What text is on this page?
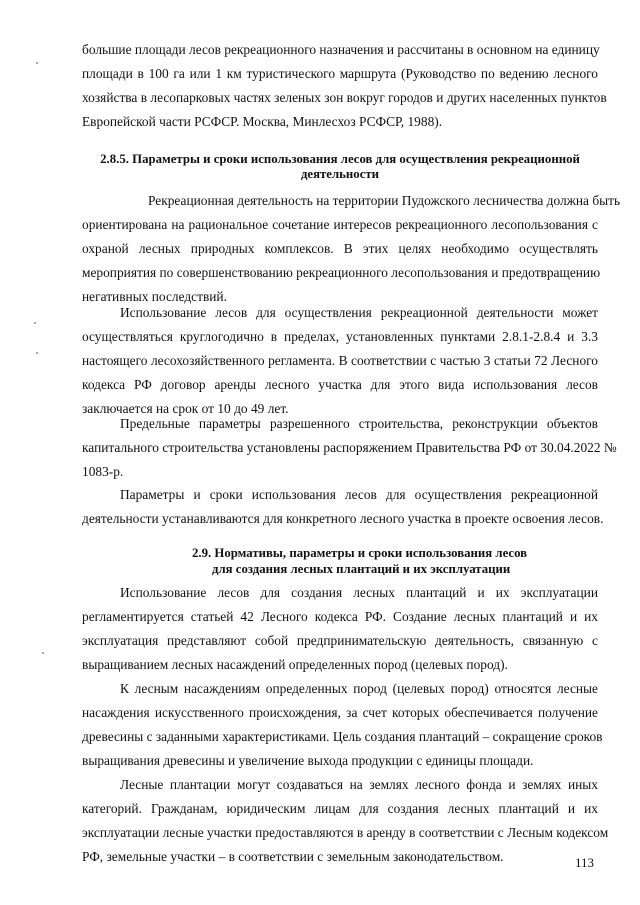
большие площади лесов рекреационного назначения и рассчитаны в основном на единицу
площади в 100 га или 1 км туристического маршрута (Руководство по ведению лесного
хозяйства в лесопарковых частях зеленых зон вокруг городов и других населенных пунктов
Европейской части РСФСР. Москва, Минлесхоз РСФСР, 1988).
2.8.5. Параметры и сроки использования лесов для осуществления рекреационной
деятельности
Рекреационная деятельность на территории Пудожского лесничества должна быть
ориентирована на рациональное сочетание интересов рекреационного лесопользования с
охраной лесных природных комплексов. В этих целях необходимо осуществлять
мероприятия по совершенствованию рекреационного лесопользования и предотвращению
негативных последствий.
Использование лесов для осуществления рекреационной деятельности может
осуществляться круглогодично в пределах, установленных пунктами 2.8.1-2.8.4 и 3.3
настоящего лесохозяйственного регламента. В соответствии с частью 3 статьи 72 Лесного
кодекса РФ договор аренды лесного участка для этого вида использования лесов
заключается на срок от 10 до 49 лет.
Предельные параметры разрешенного строительства, реконструкции объектов
капитального строительства установлены распоряжением Правительства РФ от 30.04.2022 №
1083-р.
Параметры и сроки использования лесов для осуществления рекреационной
деятельности устанавливаются для конкретного лесного участка в проекте освоения лесов.
2.9. Нормативы, параметры и сроки использования лесов
для создания лесных плантаций и их эксплуатации
Использование лесов для создания лесных плантаций и их эксплуатации
регламентируется статьей 42 Лесного кодекса РФ. Создание лесных плантаций и их
эксплуатация представляют собой предпринимательскую деятельность, связанную с
выращиванием лесных насаждений определенных пород (целевых пород).
К лесным насаждениям определенных пород (целевых пород) относятся лесные
насаждения искусственного происхождения, за счет которых обеспечивается получение
древесины с заданными характеристиками. Цель создания плантаций – сокращение сроков
выращивания древесины и увеличение выхода продукции с единицы площади.
Лесные плантации могут создаваться на землях лесного фонда и землях иных
категорий. Гражданам, юридическим лицам для создания лесных плантаций и их
эксплуатации лесные участки предоставляются в аренду в соответствии с Лесным кодексом
РФ, земельные участки – в соответствии с земельным законодательством.	113
